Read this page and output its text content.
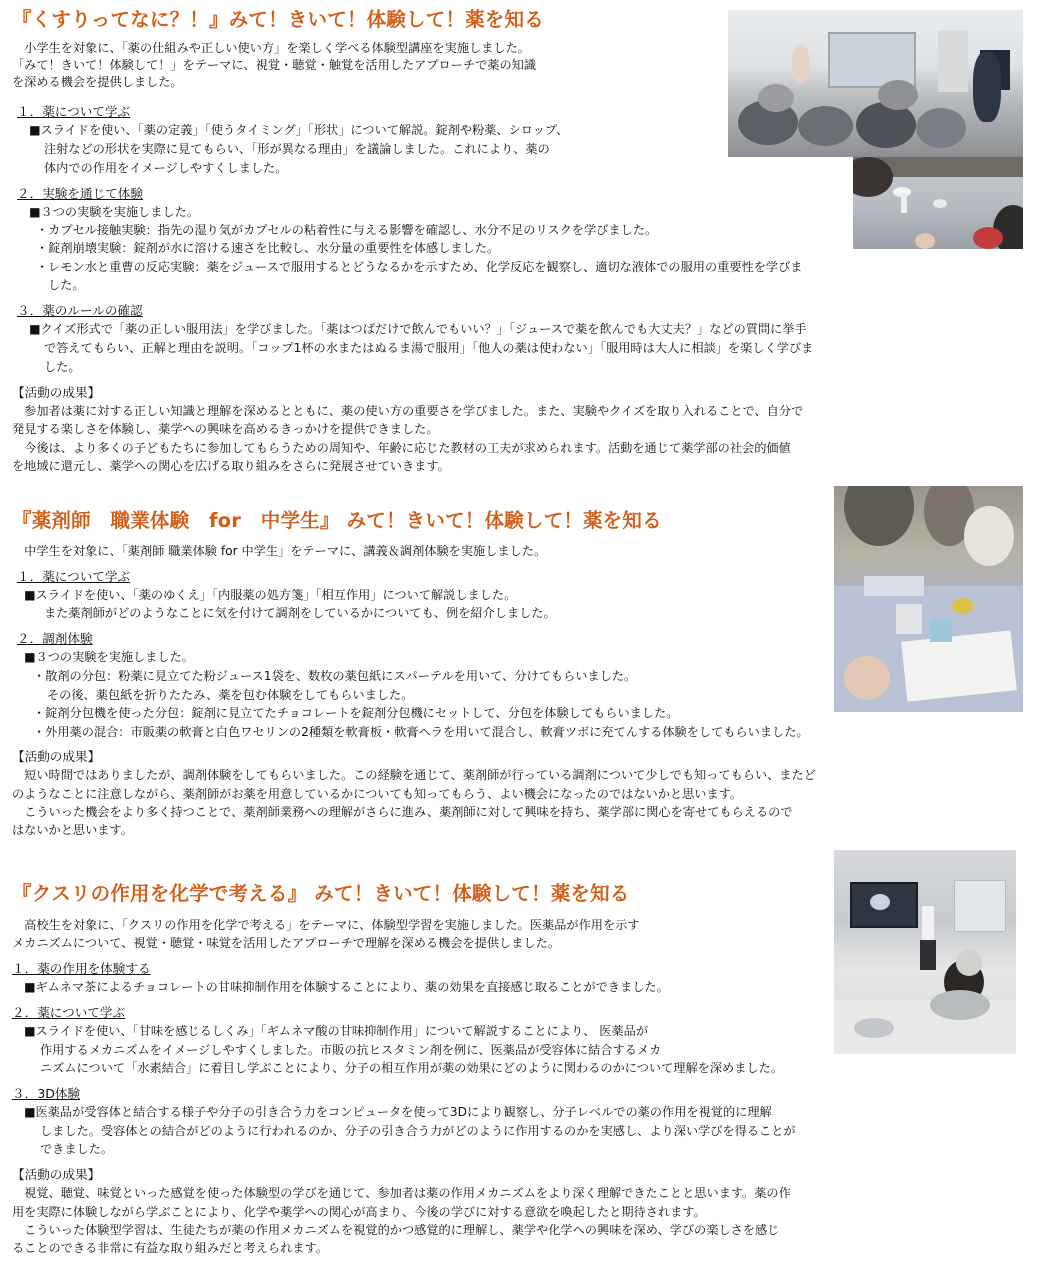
『くすりってなに？！』みて！きいて！体験して！薬を知る
　小学生を対象に、「薬の仕組みや正しい使い方」を楽しく学べる体験型講座を実施しました。
「みて！きいて！体験して！」をテーマに、視覚・聴覚・触覚を活用したアプローチで薬の知識
を深める機会を提供しました。
１．薬について学ぶ
■スライドを使い、「薬の定義」「使うタイミング」「形状」について解説。錠剤や粉薬、シロップ、
注射などの形状を実際に見てもらい、「形が異なる理由」を議論しました。これにより、薬の
体内での作用をイメージしやすくしました。
２．実験を通じて体験
■３つの実験を実施しました。
・カプセル接触実験：指先の湿り気がカプセルの粘着性に与える影響を確認し、水分不足のリスクを学びました。
・錠剤崩壊実験：錠剤が水に溶ける速さを比較し、水分量の重要性を体感しました。
・レモン水と重曹の反応実験：薬をジュースで服用するとどうなるかを示すため、化学反応を観察し、適切な液体での服用の重要性を学びま
した。
３．薬のルールの確認
■クイズ形式で「薬の正しい服用法」を学びました。「薬はつばだけで飲んでもいい？」「ジュースで薬を飲んでも大丈夫？」などの質問に挙手
で答えてもらい、正解と理由を説明。「コップ1杯の水またはぬるま湯で服用」「他人の薬は使わない」「服用時は大人に相談」を楽しく学びま
した。
【活動の成果】
　参加者は薬に対する正しい知識と理解を深めるとともに、薬の使い方の重要さを学びました。また、実験やクイズを取り入れることで、自分で
発見する楽しさを体験し、薬学への興味を高めるきっかけを提供できました。
　今後は、より多くの子どもたちに参加してもらうための周知や、年齢に応じた教材の工夫が求められます。活動を通じて薬学部の社会的価値
を地域に還元し、薬学への関心を広げる取り組みをさらに発展させていきます。
『薬剤師　職業体験　for　中学生』 みて！きいて！体験して！薬を知る
　中学生を対象に、「薬剤師 職業体験 for 中学生」をテーマに、講義＆調剤体験を実施しました。
１．薬について学ぶ
■スライドを使い、「薬のゆくえ」「内服薬の処方箋」「相互作用」について解説しました。
また薬剤師がどのようなことに気を付けて調剤をしているかについても、例を紹介しました。
２．調剤体験
■３つの実験を実施しました。
・散剤の分包：粉薬に見立てた粉ジュース1袋を、数枚の薬包紙にスパーテルを用いて、分けてもらいました。
その後、薬包紙を折りたたみ、薬を包む体験をしてもらいました。
・錠剤分包機を使った分包：錠剤に見立てたチョコレートを錠剤分包機にセットして、分包を体験してもらいました。
・外用薬の混合：市販薬の軟膏と白色ワセリンの2種類を軟膏板・軟膏ヘラを用いて混合し、軟膏ツボに充てんする体験をしてもらいました。
【活動の成果】
　短い時間ではありましたが、調剤体験をしてもらいました。この経験を通じて、薬剤師が行っている調剤について少しでも知ってもらい、またど
のようなことに注意しながら、薬剤師がお薬を用意しているかについても知ってもらう、よい機会になったのではないかと思います。
　こういった機会をより多く持つことで、薬剤師業務への理解がさらに進み、薬剤師に対して興味を持ち、薬学部に関心を寄せてもらえるので
はないかと思います。
『クスリの作用を化学で考える』 みて！きいて！体験して！薬を知る
　高校生を対象に、「クスリの作用を化学で考える」をテーマに、体験型学習を実施しました。医薬品が作用を示す
メカニズムについて、視覚・聴覚・味覚を活用したアプローチで理解を深める機会を提供しました。
１．薬の作用を体験する
■ギムネマ茶によるチョコレートの甘味抑制作用を体験することにより、薬の効果を直接感じ取ることができました。
２．薬について学ぶ
■スライドを使い、「甘味を感じるしくみ」「ギムネマ酸の甘味抑制作用」について解説することにより、 医薬品が
作用するメカニズムをイメージしやすくしました。市販の抗ヒスタミン剤を例に、医薬品が受容体に結合するメカ
ニズムについて「水素結合」に着目し学ぶことにより、分子の相互作用が薬の効果にどのように関わるのかについて理解を深めました。
３．3D体験
■医薬品が受容体と結合する様子や分子の引き合う力をコンピュータを使って3Dにより観察し、分子レベルでの薬の作用を視覚的に理解
しました。受容体との結合がどのように行われるのか、分子の引き合う力がどのように作用するのかを実感し、より深い学びを得ることが
できました。
【活動の成果】
　視覚、聴覚、味覚といった感覚を使った体験型の学びを通じて、参加者は薬の作用メカニズムをより深く理解できたことと思います。薬の作
用を実際に体験しながら学ぶことにより、化学や薬学への関心が高まり、今後の学びに対する意欲を喚起したと期待されます。
　こういった体験型学習は、生徒たちが薬の作用メカニズムを視覚的かつ感覚的に理解し、薬学や化学への興味を深め、学びの楽しさを感じ
ることのできる非常に有益な取り組みだと考えられます。
